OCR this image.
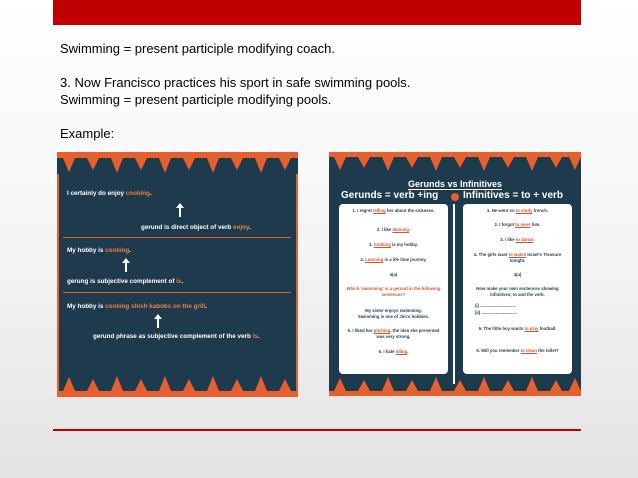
Swimming = present participle modifying coach.

3. Now Francisco practices his sport in safe swimming pools.

Swimming = present participle modifying pools.

Example:

I certainly do enjoy cooking.
gerund is direct object of verb enjoy.
My hobby is cooking.
gerung is subjective complement of is.
My hobby is cooking shish kabobs on the grill.
gerund phrase as subjective complement of the verb is.
Gerunds vs Infinitives
Gerunds = verb +ing Infinitives = to + verb
1. I regret telling her about the sickness.
2. I like dancing.
3. Cooking is my hobby.
4. Learning is a life time journey.
4(a)
Which 'swimming' is a gerund in the following sentences?
My sister enjoys swimming.
Swimming is one of Jim's hobbies.
5. I liked her pitching, the idea she presented was very strong.
6. I hate idling.
1. He went on to study french.
2. I forgot to meet him.
3. I like to dance.
4. The girls want to watch Israel's Treasure tonight.
4(a)
Now make your own sentences showing infinitives; to and the verb.
(i) ..............................
(ii) ..............................
5. The little boy wants to play football.
6. Will you remember to clean the toilet?
